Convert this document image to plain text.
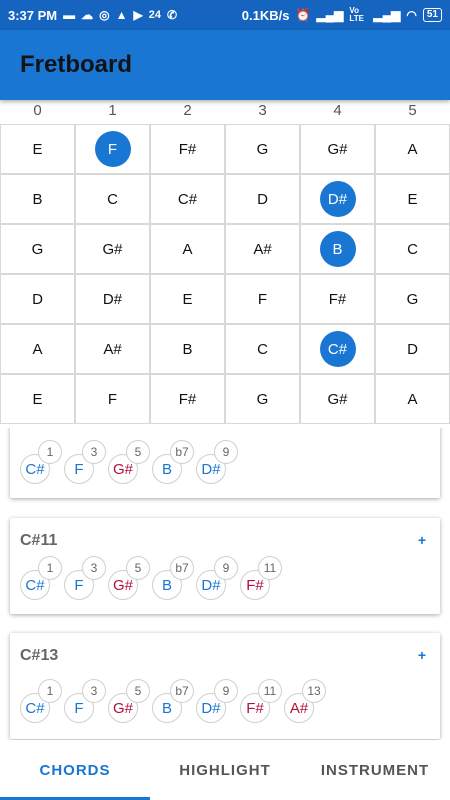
3:37 PM ▬ ☁ ◎ ▲ ▶ 24 ✆	0.1KB/s ⏰ ▂▄▆ Vo LTE ▂▄▆ ◠	51
Fretboard
0	1	2	3	4	5
E	F	F#	G	G#	A
B	C	C#	D	D#	E
G	G#	A	A#	B	C
D	D#	E	F	F#	G
A	A#	B	C	C#	D
E	F	F#	G	G#	A
C#
1
F
3
G#
5
B
b7
D#
9
C#11	+
C#
1
F
3
G#
5
B
b7
D#
9
F#
11
C#13	+
C#
1
F
3
G#
5
B
b7
D#
9
F#
11
A#
13
CHORDS	HIGHLIGHT	INSTRUMENT
